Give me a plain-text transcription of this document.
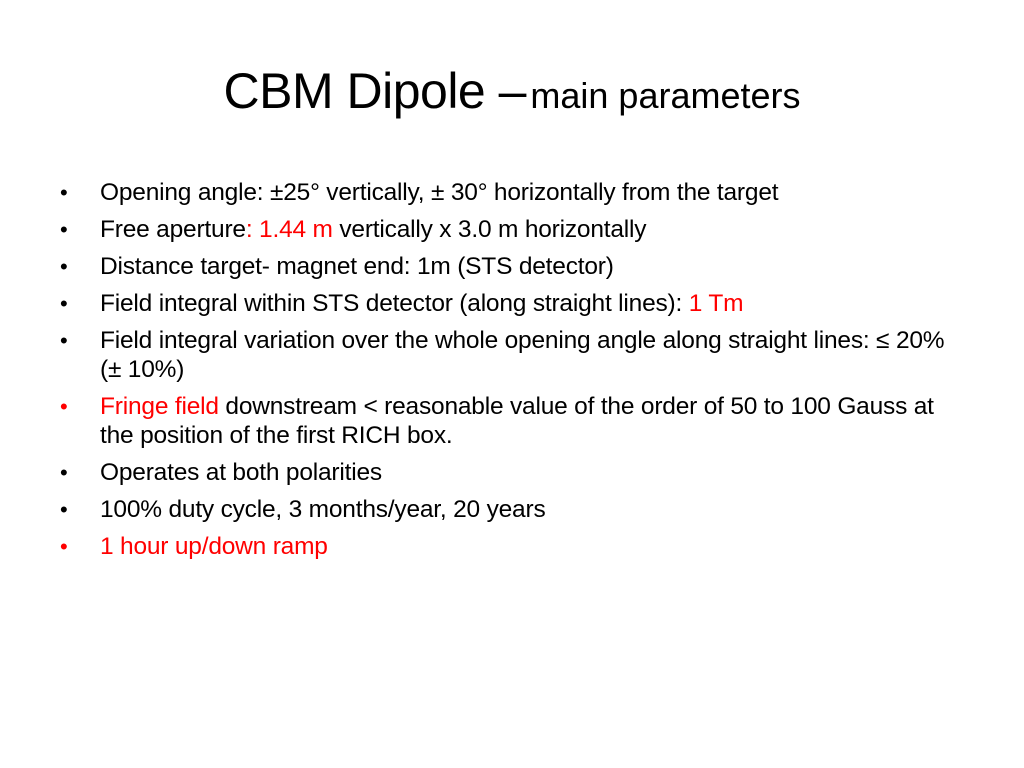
CBM Dipole – main parameters
•	Opening angle: ±25° vertically, ± 30° horizontally from the target
•	Free aperture: 1.44 m vertically x 3.0 m horizontally
•	Distance target- magnet end: 1m (STS detector)
•	Field integral within STS detector (along straight lines): 1 Tm
•	Field integral variation over the whole opening angle along straight lines: ≤ 20% (± 10%)
•	Fringe field downstream < reasonable value of the order of 50 to 100 Gauss at the position of the first RICH box.
•	Operates at both polarities
•	100% duty cycle, 3 months/year, 20 years
•	1 hour up/down ramp
